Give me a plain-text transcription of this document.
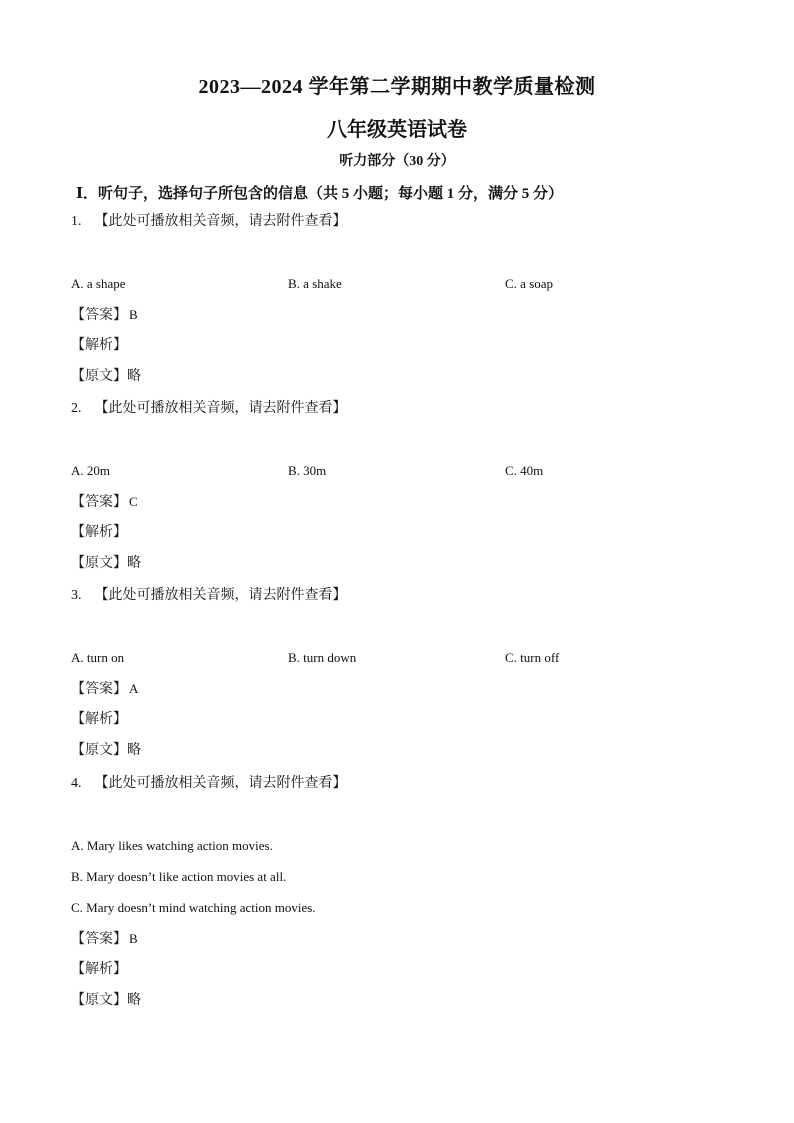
2023—2024 学年第二学期期中教学质量检测
八年级英语试卷
听力部分（30 分）
Ⅰ．听句子，选择句子所包含的信息（共 5 小题；每小题 1 分，满分 5 分）
1. 【此处可播放相关音频，请去附件查看】
A. a shape	B. a shake	C. a soap
【答案】 B
【解析】
【原文】略
2. 【此处可播放相关音频，请去附件查看】
A. 20m	B. 30m	C. 40m
【答案】 C
【解析】
【原文】略
3. 【此处可播放相关音频，请去附件查看】
A. turn on	B. turn down	C. turn off
【答案】 A
【解析】
【原文】略
4. 【此处可播放相关音频，请去附件查看】
A. Mary likes watching action movies.
B. Mary doesn’t like action movies at all.
C. Mary doesn’t mind watching action movies.
【答案】 B
【解析】
【原文】略
